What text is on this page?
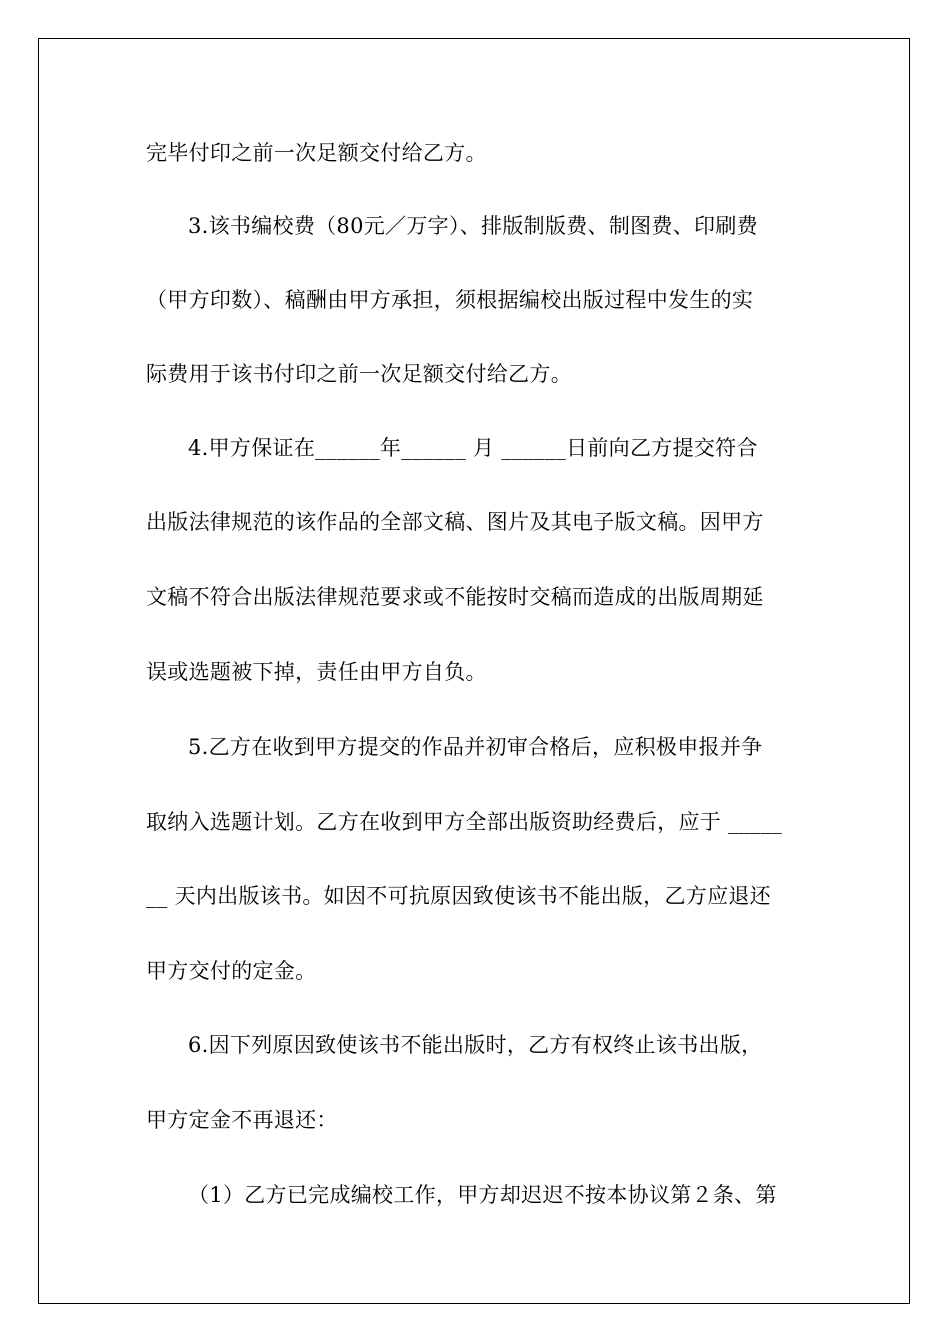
完毕付印之前一次足额交付给乙方。
3.该书编校费（80元／万字）、排版制版费、制图费、印刷费
（甲方印数）、稿酬由甲方承担，须根据编校出版过程中发生的实
际费用于该书付印之前一次足额交付给乙方。
4.甲方保证在______年______ 月 ______日前向乙方提交符合
出版法律规范的该作品的全部文稿、图片及其电子版文稿。因甲方
文稿不符合出版法律规范要求或不能按时交稿而造成的出版周期延
误或选题被下掉，责任由甲方自负。
5.乙方在收到甲方提交的作品并初审合格后，应积极申报并争
取纳入选题计划。乙方在收到甲方全部出版资助经费后，应于 _____
__ 天内出版该书。如因不可抗原因致使该书不能出版，乙方应退还
甲方交付的定金。
6.因下列原因致使该书不能出版时，乙方有权终止该书出版，
甲方定金不再退还：
（1）乙方已完成编校工作，甲方却迟迟不按本协议第２条、第
